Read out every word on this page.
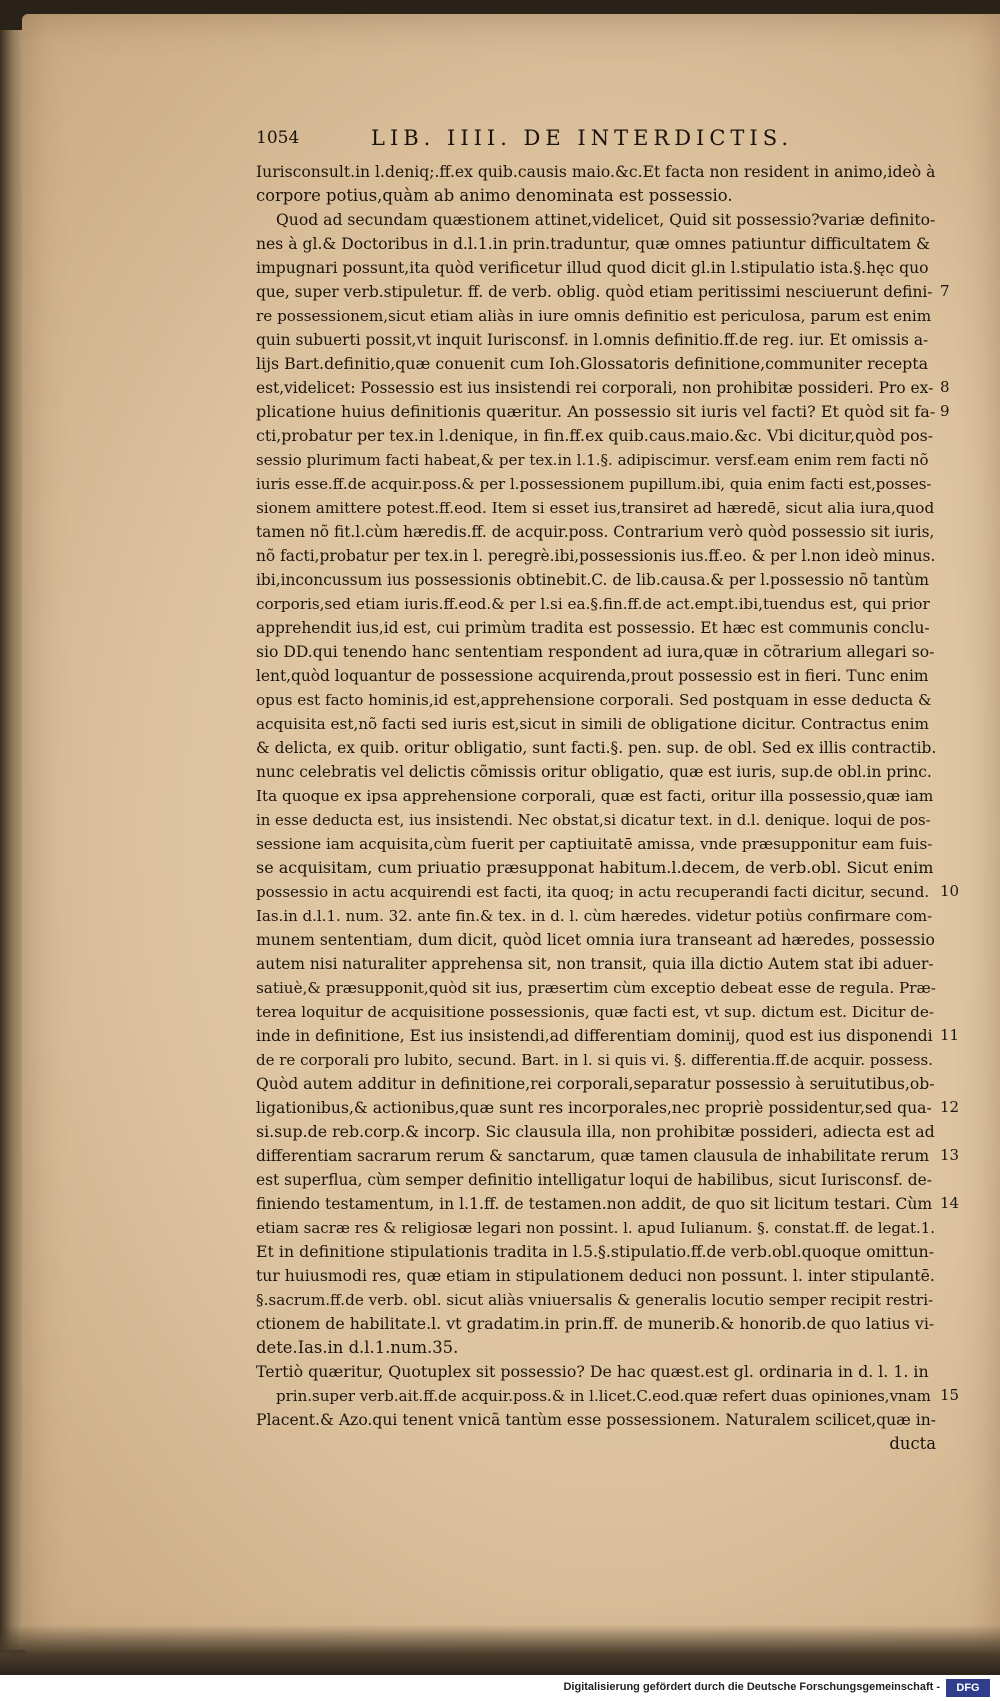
1054	LIB. IIII. DE INTERDICTIS.
Iurisconsult.in l.deniq;.ff.ex quib.causis maio.&c.Et facta non resident in animo,ideò à
corpore potius,quàm ab animo denominata est possessio.
Quod ad secundam quæstionem attinet,videlicet, Quid sit possessio?variæ definito-
nes à gl.& Doctoribus in d.l.1.in prin.traduntur, quæ omnes patiuntur difficultatem &
impugnari possunt,ita quòd verificetur illud quod dicit gl.in l.stipulatio ista.§.hęc quo
que, super verb.stipuletur. ff. de verb. oblig. quòd etiam peritissimi nesciuerunt defini-
re possessionem,sicut etiam aliàs in iure omnis definitio est periculosa, parum est enim
quin subuerti possit,vt inquit Iurisconsf. in l.omnis definitio.ff.de reg. iur. Et omissis a-
lijs Bart.definitio,quæ conuenit cum Ioh.Glossatoris definitione,communiter recepta
est,videlicet: Possessio est ius insistendi rei corporali, non prohibitæ possideri. Pro ex-
plicatione huius definitionis quæritur. An possessio sit iuris vel facti? Et quòd sit fa-
cti,probatur per tex.in l.denique, in fin.ff.ex quib.caus.maio.&c. Vbi dicitur,quòd pos-
sessio plurimum facti habeat,& per tex.in l.1.§. adipiscimur. versf.eam enim rem facti nõ
iuris esse.ff.de acquir.poss.& per l.possessionem pupillum.ibi, quia enim facti est,posses-
sionem amittere potest.ff.eod. Item si esset ius,transiret ad hæredē, sicut alia iura,quod
tamen nõ fit.l.cùm hæredis.ff. de acquir.poss. Contrarium verò quòd possessio sit iuris,
nõ facti,probatur per tex.in l. peregrè.ibi,possessionis ius.ff.eo. & per l.non ideò minus.
ibi,inconcussum ius possessionis obtinebit.C. de lib.causa.& per l.possessio nõ tantùm
corporis,sed etiam iuris.ff.eod.& per l.si ea.§.fin.ff.de act.empt.ibi,tuendus est, qui prior
apprehendit ius,id est, cui primùm tradita est possessio. Et hæc est communis conclu-
sio DD.qui tenendo hanc sententiam respondent ad iura,quæ in cõtrarium allegari so-
lent,quòd loquantur de possessione acquirenda,prout possessio est in fieri. Tunc enim
opus est facto hominis,id est,apprehensione corporali. Sed postquam in esse deducta &
acquisita est,nõ facti sed iuris est,sicut in simili de obligatione dicitur. Contractus enim
& delicta, ex quib. oritur obligatio, sunt facti.§. pen. sup. de obl. Sed ex illis contractib.
nunc celebratis vel delictis cõmissis oritur obligatio, quæ est iuris, sup.de obl.in princ.
Ita quoque ex ipsa apprehensione corporali, quæ est facti, oritur illa possessio,quæ iam
in esse deducta est, ius insistendi. Nec obstat,si dicatur text. in d.l. denique. loqui de pos-
sessione iam acquisita,cùm fuerit per captiuitatē amissa, vnde præsupponitur eam fuis-
se acquisitam, cum priuatio præsupponat habitum.l.decem, de verb.obl. Sicut enim
possessio in actu acquirendi est facti, ita quoq; in actu recuperandi facti dicitur, secund.
Ias.in d.l.1. num. 32. ante fin.& tex. in d. l. cùm hæredes. videtur potiùs confirmare com-
munem sententiam, dum dicit, quòd licet omnia iura transeant ad hæredes, possessio
autem nisi naturaliter apprehensa sit, non transit, quia illa dictio Autem stat ibi aduer-
satiuè,& præsupponit,quòd sit ius, præsertim cùm exceptio debeat esse de regula. Præ-
terea loquitur de acquisitione possessionis, quæ facti est, vt sup. dictum est. Dicitur de-
inde in definitione, Est ius insistendi,ad differentiam dominij, quod est ius disponendi
de re corporali pro lubito, secund. Bart. in l. si quis vi. §. differentia.ff.de acquir. possess.
Quòd autem additur in definitione,rei corporali,separatur possessio à seruitutibus,ob-
ligationibus,& actionibus,quæ sunt res incorporales,nec propriè possidentur,sed qua-
si.sup.de reb.corp.& incorp. Sic clausula illa, non prohibitæ possideri, adiecta est ad
differentiam sacrarum rerum & sanctarum, quæ tamen clausula de inhabilitate rerum
est superflua, cùm semper definitio intelligatur loqui de habilibus, sicut Iurisconsf. de-
finiendo testamentum, in l.1.ff. de testamen.non addit, de quo sit licitum testari. Cùm
etiam sacræ res & religiosæ legari non possint. l. apud Iulianum. §. constat.ff. de legat.1.
Et in definitione stipulationis tradita in l.5.§.stipulatio.ff.de verb.obl.quoque omittun-
tur huiusmodi res, quæ etiam in stipulationem deduci non possunt. l. inter stipulantē.
§.sacrum.ff.de verb. obl. sicut aliàs vniuersalis & generalis locutio semper recipit restri-
ctionem de habilitate.l. vt gradatim.in prin.ff. de munerib.& honorib.de quo latius vi-
dete.Ias.in d.l.1.num.35.
Tertiò quæritur, Quotuplex sit possessio? De hac quæst.est gl. ordinaria in d. l. 1. in
prin.super verb.ait.ff.de acquir.poss.& in l.licet.C.eod.quæ refert duas opiniones,vnam
Placent.& Azo.qui tenent vnicã tantùm esse possessionem. Naturalem scilicet,quæ in-
ducta
7
8
9
10
11
12
13
14
15
Digitalisierung gefördert durch die Deutsche Forschungsgemeinschaft -	DFG
